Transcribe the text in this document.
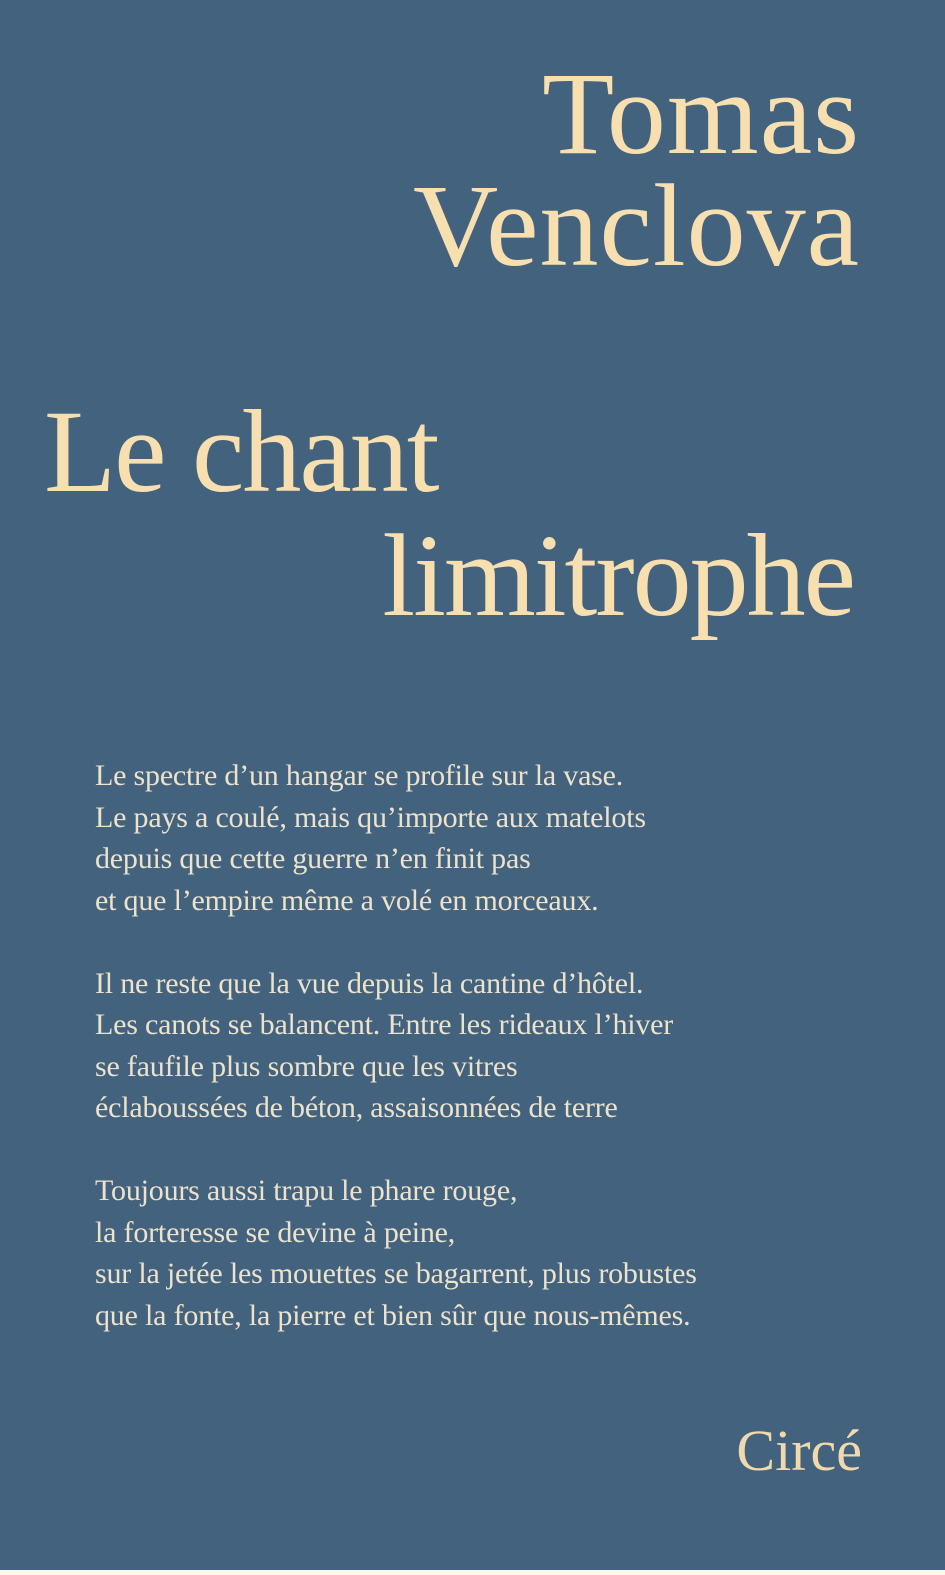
Tomas
Venclova
Le chant
limitrophe
Le spectre d’un hangar se profile sur la vase.
Le pays a coulé, mais qu’importe aux matelots
depuis que cette guerre n’en finit pas
et que l’empire même a volé en morceaux.
Il ne reste que la vue depuis la cantine d’hôtel.
Les canots se balancent. Entre les rideaux l’hiver
se faufile plus sombre que les vitres
éclaboussées de béton, assaisonnées de terre
Toujours aussi trapu le phare rouge,
la forteresse se devine à peine,
sur la jetée les mouettes se bagarrent, plus robustes
que la fonte, la pierre et bien sûr que nous-mêmes.
Circé
